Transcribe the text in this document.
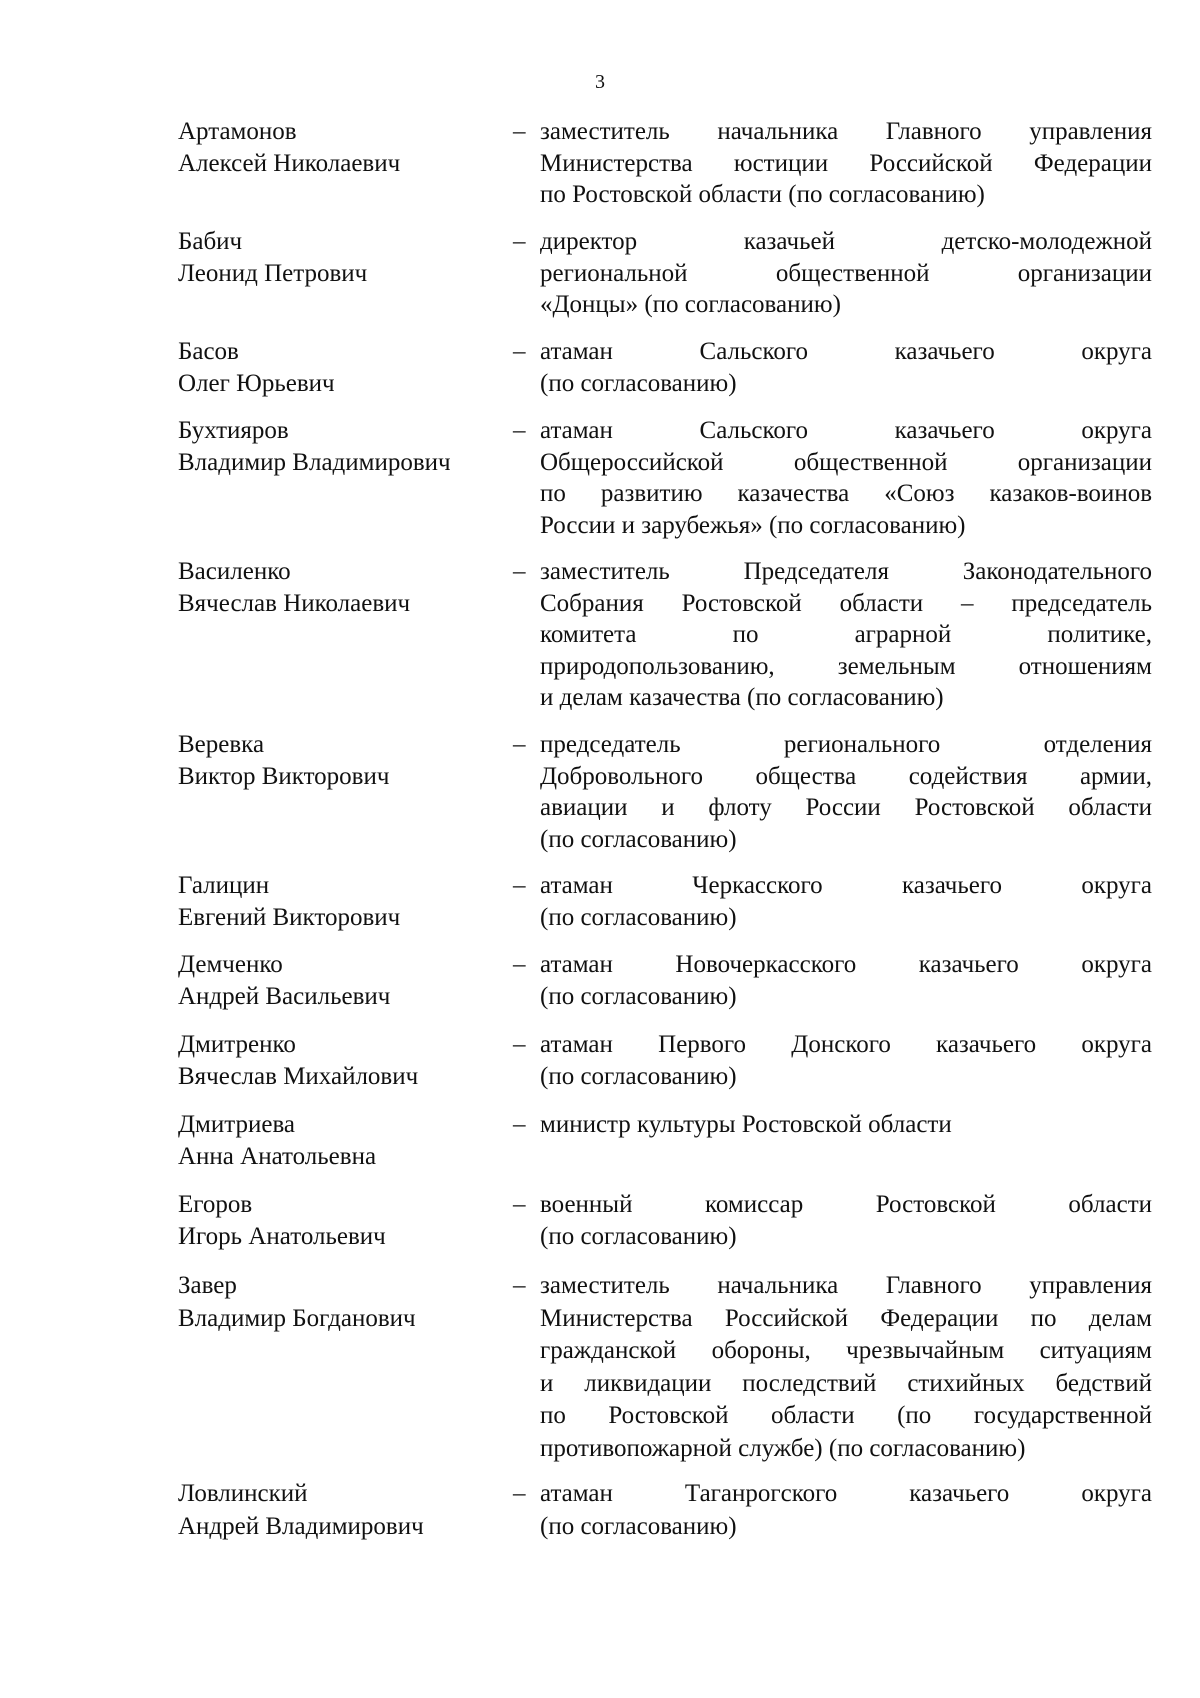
3
Артамонов
Алексей Николаевич
– заместитель начальника Главного управления
Министерства юстиции Российской Федерации
по Ростовской области (по согласованию)
Бабич
Леонид Петрович
– директор казачьей детско-молодежной
региональной общественной организации
«Донцы» (по согласованию)
Басов
Олег Юрьевич
– атаман Сальского казачьего округа
(по согласованию)
Бухтияров
Владимир Владимирович
– атаман Сальского казачьего округа
Общероссийской общественной организации
по развитию казачества «Союз казаков-воинов
России и зарубежья» (по согласованию)
Василенко
Вячеслав Николаевич
– заместитель Председателя Законодательного
Собрания Ростовской области – председатель
комитета по аграрной политике,
природопользованию, земельным отношениям
и делам казачества (по согласованию)
Веревка
Виктор Викторович
– председатель регионального отделения
Добровольного общества содействия армии,
авиации и флоту России Ростовской области
(по согласованию)
Галицин
Евгений Викторович
– атаман Черкасского казачьего округа
(по согласованию)
Демченко
Андрей Васильевич
– атаман Новочеркасского казачьего округа
(по согласованию)
Дмитренко
Вячеслав Михайлович
– атаман Первого Донского казачьего округа
(по согласованию)
Дмитриева
Анна Анатольевна
– министр культуры Ростовской области
Егоров
Игорь Анатольевич
– военный комиссар Ростовской области
(по согласованию)
Завер
Владимир Богданович
– заместитель начальника Главного управления
Министерства Российской Федерации по делам
гражданской обороны, чрезвычайным ситуациям
и ликвидации последствий стихийных бедствий
по Ростовской области (по государственной
противопожарной службе) (по согласованию)
Ловлинский
Андрей Владимирович
– атаман Таганрогского казачьего округа
(по согласованию)
